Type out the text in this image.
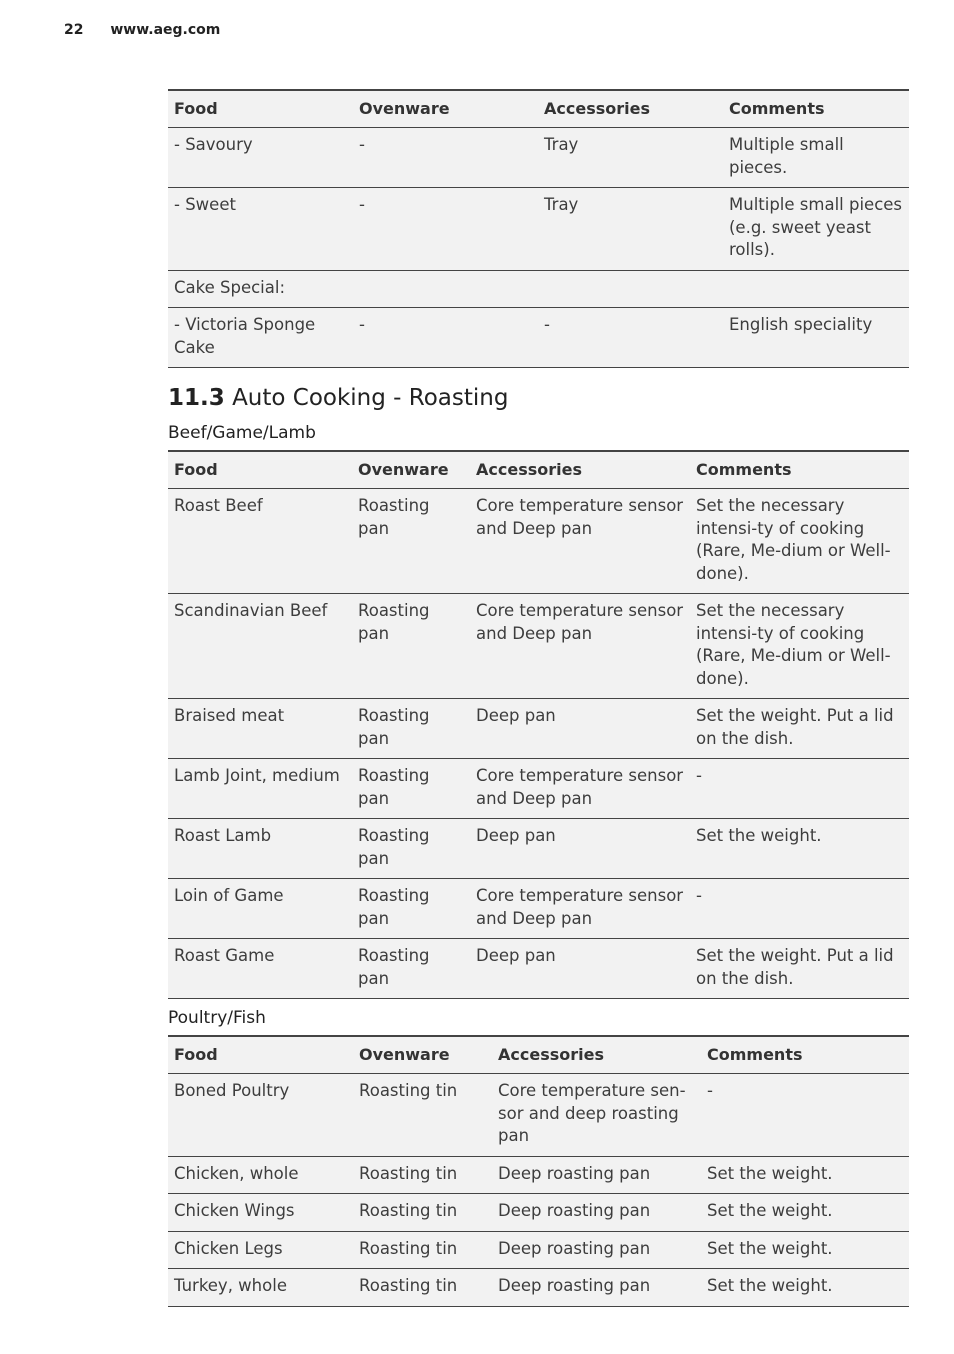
22 www.aeg.com
Food	Ovenware	Accessories	Comments
- Savoury	-	Tray	Multiple small pieces.
- Sweet	-	Tray	Multiple small pieces (e.g. sweet yeast rolls).
Cake Special:			
- Victoria Sponge Cake	-	-	English speciality
11.3 Auto Cooking - Roasting
Beef/Game/Lamb
Food	Ovenware	Accessories	Comments
Roast Beef	Roasting pan	Core temperature sensor and Deep pan	Set the necessary intensi-ty of cooking (Rare, Me-dium or Well-done).
Scandinavian Beef	Roasting pan	Core temperature sensor and Deep pan	Set the necessary intensi-ty of cooking (Rare, Me-dium or Well-done).
Braised meat	Roasting pan	Deep pan	Set the weight. Put a lid on the dish.
Lamb Joint, medium	Roasting pan	Core temperature sensor and Deep pan	-
Roast Lamb	Roasting pan	Deep pan	Set the weight.
Loin of Game	Roasting pan	Core temperature sensor and Deep pan	-
Roast Game	Roasting pan	Deep pan	Set the weight. Put a lid on the dish.
Poultry/Fish
Food	Ovenware	Accessories	Comments
Boned Poultry	Roasting tin	Core temperature sen-sor and deep roasting pan	-
Chicken, whole	Roasting tin	Deep roasting pan	Set the weight.
Chicken Wings	Roasting tin	Deep roasting pan	Set the weight.
Chicken Legs	Roasting tin	Deep roasting pan	Set the weight.
Turkey, whole	Roasting tin	Deep roasting pan	Set the weight.
